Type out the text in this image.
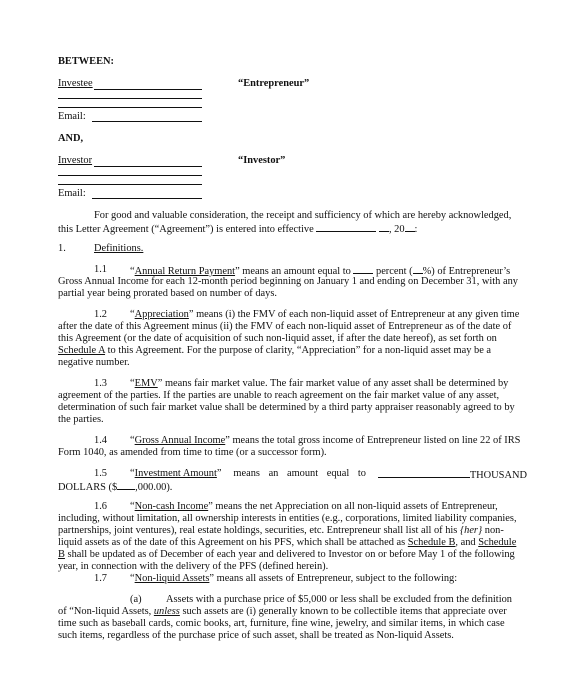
BETWEEN:
Investee	“Entrepreneur”
Email:
AND,
Investor	“Investor”
Email:
For good and valuable consideration, the receipt and sufficiency of which are hereby acknowledged,
this Letter Agreement (“Agreement”) is entered into effective	, 20 :
1.	Definitions.
1.1 “Annual Return Payment” means an amount equal to percent ( %) of Entrepreneur’s
Gross Annual Income for each 12-month period beginning on January 1 and ending on December 31, with any
partial year being prorated based on number of days.
1.2 “Appreciation” means (i) the FMV of each non-liquid asset of Entrepreneur at any given time
after the date of this Agreement minus (ii) the FMV of each non-liquid asset of Entrepreneur as of the date of
this Agreement (or the date of acquisition of such non-liquid asset, if after the date hereof), as set forth on
Schedule A to this Agreement. For the purpose of clarity, “Appreciation” for a non-liquid asset may be a
negative number.
1.3 “EMV” means fair market value. The fair market value of any asset shall be determined by
agreement of the parties. If the parties are unable to reach agreement on the fair market value of any asset,
determination of such fair market value shall be determined by a third party appraiser reasonably agreed to by
the parties.
1.4 “Gross Annual Income” means the total gross income of Entrepreneur listed on line 22 of IRS
Form 1040, as amended from time to time (or a successor form).
1.5 “Investment Amount” means an amount equal to	THOUSAND
DOLLARS ($ ,000.00).
1.6 “Non-cash Income” means the net Appreciation on all non-liquid assets of Entrepreneur,
including, without limitation, all ownership interests in entities (e.g., corporations, limited liability companies,
partnerships, joint ventures), real estate holdings, securities, etc. Entrepreneur shall list all of his {her} non-
liquid assets as of the date of this Agreement on his PFS, which shall be attached as Schedule B, and Schedule
B shall be updated as of December of each year and delivered to Investor on or before May 1 of the following
year, in connection with the delivery of the PFS (defined herein).
1.7 “Non-liquid Assets” means all assets of Entrepreneur, subject to the following:
(a) Assets with a purchase price of $5,000 or less shall be excluded from the definition
of “Non-liquid Assets, unless such assets are (i) generally known to be collectible items that appreciate over
time such as baseball cards, comic books, art, furniture, fine wine, jewelry, and similar items, in which case
such items, regardless of the purchase price of such asset, shall be treated as Non-liquid Assets.
